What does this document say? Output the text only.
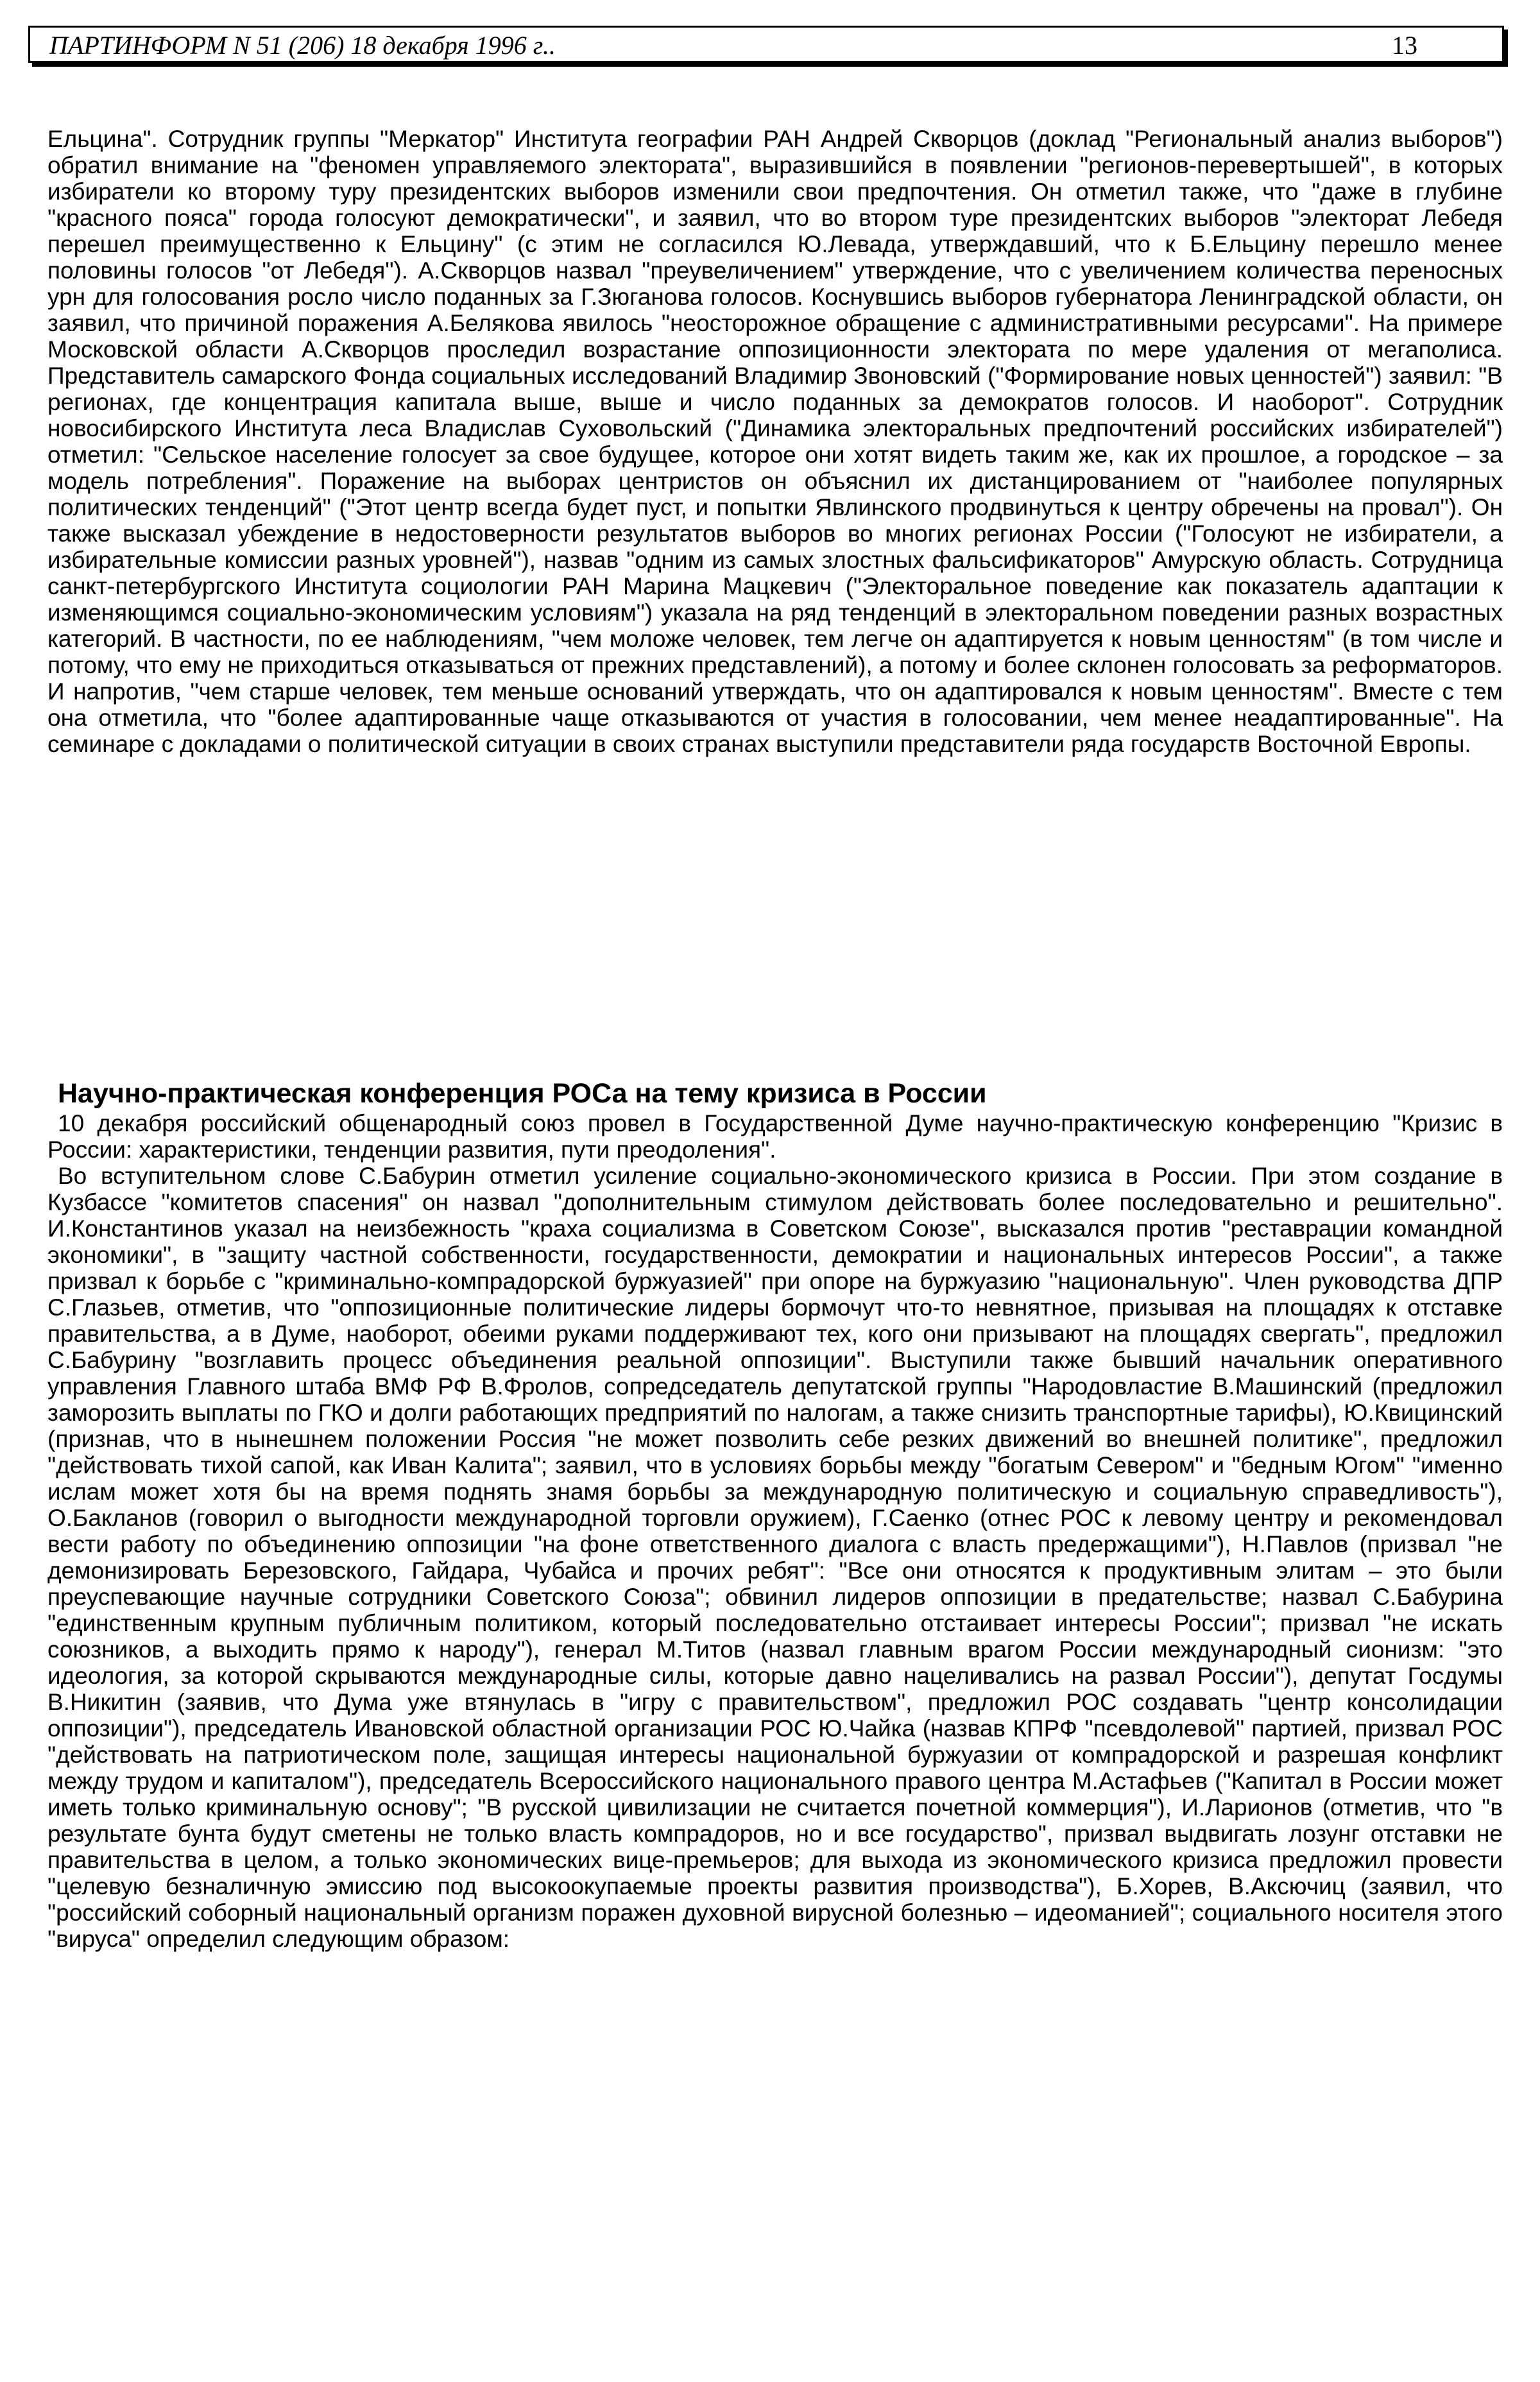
ПАРТИНФОРМ N 51 (206) 18 декабря 1996 г..	13

Ельцина". Сотрудник группы "Меркатор" Института географии РАН Андрей Скворцов (доклад "Региональный анализ выборов") обратил внимание на "феномен управляемого электората", выразившийся в появлении "регионов-перевертышей", в которых избиратели ко второму туру президентских выборов изменили свои предпочтения. Он отметил также, что "даже в глубине "красного пояса" города голосуют демократически", и заявил, что во втором туре президентских выборов "электорат Лебедя перешел преимущественно к Ельцину" (с этим не согласился Ю.Левада, утверждавший, что к Б.Ельцину перешло менее половины голосов "от Лебедя"). А.Скворцов назвал "преувеличением" утверждение, что с увеличением количества переносных урн для голосования росло число поданных за Г.Зюганова голосов. Коснувшись выборов губернатора Ленинградской области, он заявил, что причиной поражения А.Белякова явилось "неосторожное обращение с административными ресурсами". На примере Московской области А.Скворцов проследил возрастание оппозиционности электората по мере удаления от мегаполиса. Представитель самарского Фонда социальных исследований Владимир Звоновский ("Формирование новых ценностей") заявил: "В регионах, где концентрация капитала выше, выше и число поданных за демократов голосов. И наоборот". Сотрудник новосибирского Института леса Владислав Суховольский ("Динамика электоральных предпочтений российских избирателей") отметил: "Сельское население голосует за свое будущее, которое они хотят видеть таким же, как их прошлое, а городское – за модель потребления". Поражение на выборах центристов он объяснил их дистанцированием от "наиболее популярных политических тенденций" ("Этот центр всегда будет пуст, и попытки Явлинского продвинуться к центру обречены на провал"). Он также высказал убеждение в недостоверности результатов выборов во многих регионах России ("Голосуют не избиратели, а избирательные комиссии разных уровней"), назвав "одним из самых злостных фальсификаторов" Амурскую область. Сотрудница санкт-петербургского Института социологии РАН Марина Мацкевич ("Электоральное поведение как показатель адаптации к изменяющимся социально-экономическим условиям") указала на ряд тенденций в электоральном поведении разных возрастных категорий. В частности, по ее наблюдениям, "чем моложе человек, тем легче он адаптируется к новым ценностям" (в том числе и потому, что ему не приходиться отказываться от прежних представлений), а потому и более склонен голосовать за реформаторов. И напротив, "чем старше человек, тем меньше оснований утверждать, что он адаптировался к новым ценностям". Вместе с тем она отметила, что "более адаптированные чаще отказываются от участия в голосовании, чем менее неадаптированные". На семинаре с докладами о политической ситуации в своих странах выступили представители ряда государств Восточной Европы.

Научно-практическая конференция РОСа на тему кризиса в России

10 декабря российский общенародный союз провел в Государственной Думе научно-практическую конференцию "Кризис в России: характеристики, тенденции развития, пути преодоления".

Во вступительном слове С.Бабурин отметил усиление социально-экономического кризиса в России. При этом создание в Кузбассе "комитетов спасения" он назвал "дополнительным стимулом действовать более последовательно и решительно". И.Константинов указал на неизбежность "краха социализма в Советском Союзе", высказался против "реставрации командной экономики", в "защиту частной собственности, государственности, демократии и национальных интересов России", а также призвал к борьбе с "криминально-компрадорской буржуазией" при опоре на буржуазию "национальную". Член руководства ДПР С.Глазьев, отметив, что "оппозиционные политические лидеры бормочут что-то невнятное, призывая на площадях к отставке правительства, а в Думе, наоборот, обеими руками поддерживают тех, кого они призывают на площадях свергать", предложил С.Бабурину "возглавить процесс объединения реальной оппозиции". Выступили также бывший начальник оперативного управления Главного штаба ВМФ РФ В.Фролов, сопредседатель депутатской группы "Народовластие В.Машинский (предложил заморозить выплаты по ГКО и долги работающих предприятий по налогам, а также снизить транспортные тарифы), Ю.Квицинский (признав, что в нынешнем положении Россия "не может позволить себе резких движений во внешней политике", предложил "действовать тихой сапой, как Иван Калита"; заявил, что в условиях борьбы между "богатым Севером" и "бедным Югом" "именно ислам может хотя бы на время поднять знамя борьбы за международную политическую и социальную справедливость"), О.Бакланов (говорил о выгодности международной торговли оружием), Г.Саенко (отнес РОС к левому центру и рекомендовал вести работу по объединению оппозиции "на фоне ответственного диалога с власть предержащими"), Н.Павлов (призвал "не демонизировать Березовского, Гайдара, Чубайса и прочих ребят": "Все они относятся к продуктивным элитам – это были преуспевающие научные сотрудники Советского Союза"; обвинил лидеров оппозиции в предательстве; назвал С.Бабурина "единственным крупным публичным политиком, который последовательно отстаивает интересы России"; призвал "не искать союзников, а выходить прямо к народу"), генерал М.Титов (назвал главным врагом России международный сионизм: "это идеология, за которой скрываются международные силы, которые давно нацеливались на развал России"), депутат Госдумы В.Никитин (заявив, что Дума уже втянулась в "игру с правительством", предложил РОС создавать "центр консолидации оппозиции"), председатель Ивановской областной организации РОС Ю.Чайка (назвав КПРФ "псевдолевой" партией, призвал РОС "действовать на патриотическом поле, защищая интересы национальной буржуазии от компрадорской и разрешая конфликт между трудом и капиталом"), председатель Всероссийского национального правого центра М.Астафьев ("Капитал в России может иметь только криминальную основу"; "В русской цивилизации не считается почетной коммерция"), И.Ларионов (отметив, что "в результате бунта будут сметены не только власть компрадоров, но и все государство", призвал выдвигать лозунг отставки не правительства в целом, а только экономических вице-премьеров; для выхода из экономического кризиса предложил провести "целевую безналичную эмиссию под высокоокупаемые проекты развития производства"), Б.Хорев, В.Аксючиц (заявил, что "российский соборный национальный организм поражен духовной вирусной болезнью – идеоманией"; социального носителя этого "вируса" определил следующим образом:
